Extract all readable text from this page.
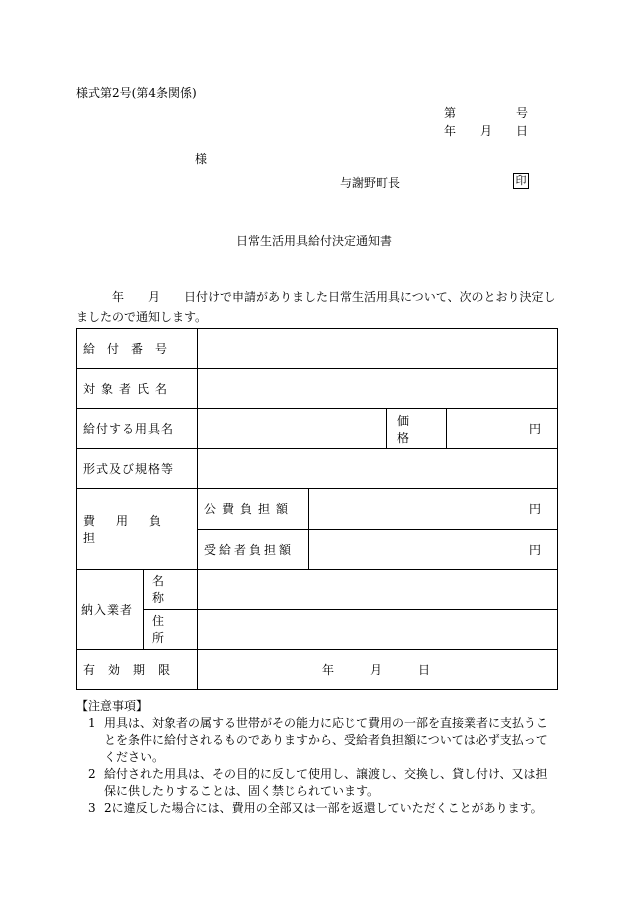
様式第2号(第4条関係)
第	号
年 月 日
様
与謝野町長	印
日常生活用具給付決定通知書
年 月 日付けで申請がありました日常生活用具について、次のとおり決定し
ましたので通知します。
給付番号					
対象者氏名					
給付する用具名				価格	円
形式及び規格等					
費用負担		公費負担額	円		
		受給者負担額	円		
納入業者	名称				
	住所				
有効期限		年 月 日			
【注意事項】
1 用具は、対象者の属する世帯がその能力に応じて費用の一部を直接業者に支払うことを条件に給付されるものでありますから、受給者負担額については必ず支払ってください。
2 給付された用具は、その目的に反して使用し、譲渡し、交換し、貸し付け、又は担保に供したりすることは、固く禁じられています。
3 2に違反した場合には、費用の全部又は一部を返還していただくことがあります。
